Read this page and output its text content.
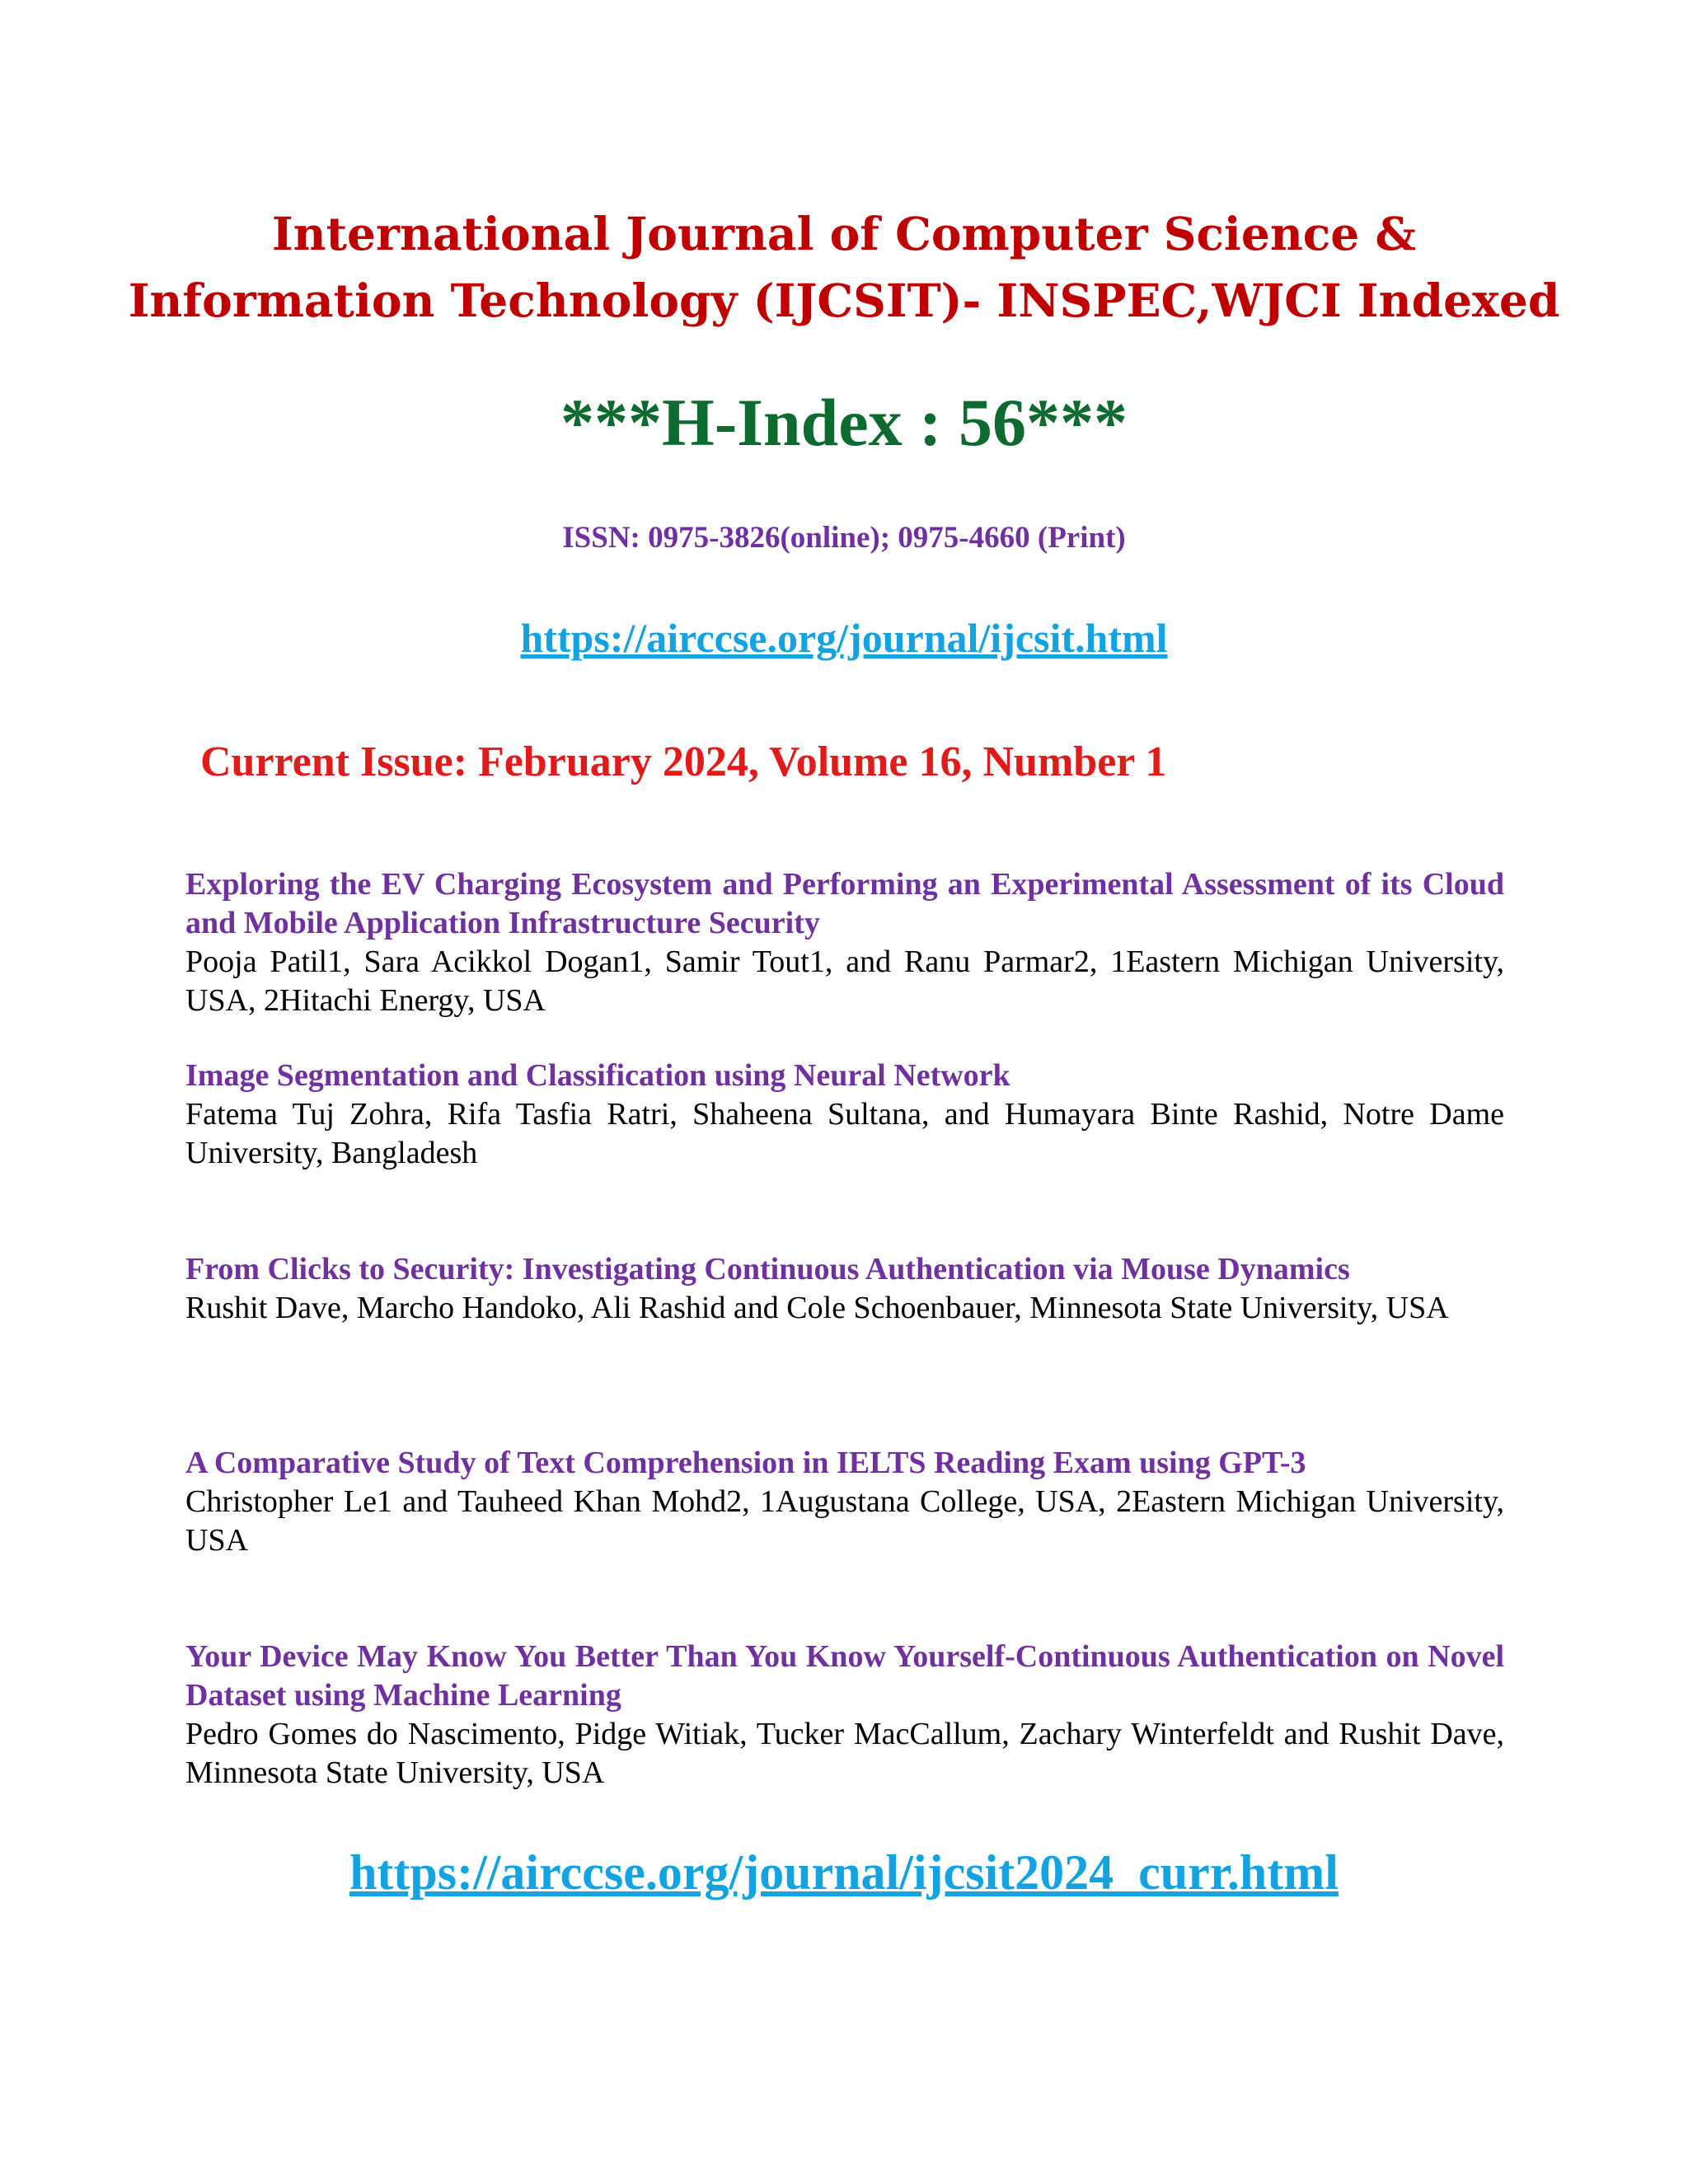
International Journal of Computer Science &
Information Technology (IJCSIT)- INSPEC,WJCI Indexed

***H-Index : 56***

ISSN: 0975-3826(online); 0975-4660 (Print)

https://airccse.org/journal/ijcsit.html

Current Issue: February 2024, Volume 16, Number 1

Exploring the EV Charging Ecosystem and Performing an Experimental Assessment of its Cloud and Mobile Application Infrastructure Security

Pooja Patil1, Sara Acikkol Dogan1, Samir Tout1, and Ranu Parmar2, 1Eastern Michigan University, USA, 2Hitachi Energy, USA

Image Segmentation and Classification using Neural Network

Fatema Tuj Zohra, Rifa Tasfia Ratri, Shaheena Sultana, and Humayara Binte Rashid, Notre Dame University, Bangladesh

From Clicks to Security: Investigating Continuous Authentication via Mouse Dynamics

Rushit Dave, Marcho Handoko, Ali Rashid and Cole Schoenbauer, Minnesota State University, USA

A Comparative Study of Text Comprehension in IELTS Reading Exam using GPT-3

Christopher Le1 and Tauheed Khan Mohd2, 1Augustana College, USA, 2Eastern Michigan University, USA

Your Device May Know You Better Than You Know Yourself-Continuous Authentication on Novel Dataset using Machine Learning

Pedro Gomes do Nascimento, Pidge Witiak, Tucker MacCallum, Zachary Winterfeldt and Rushit Dave, Minnesota State University, USA

https://airccse.org/journal/ijcsit2024_curr.html
